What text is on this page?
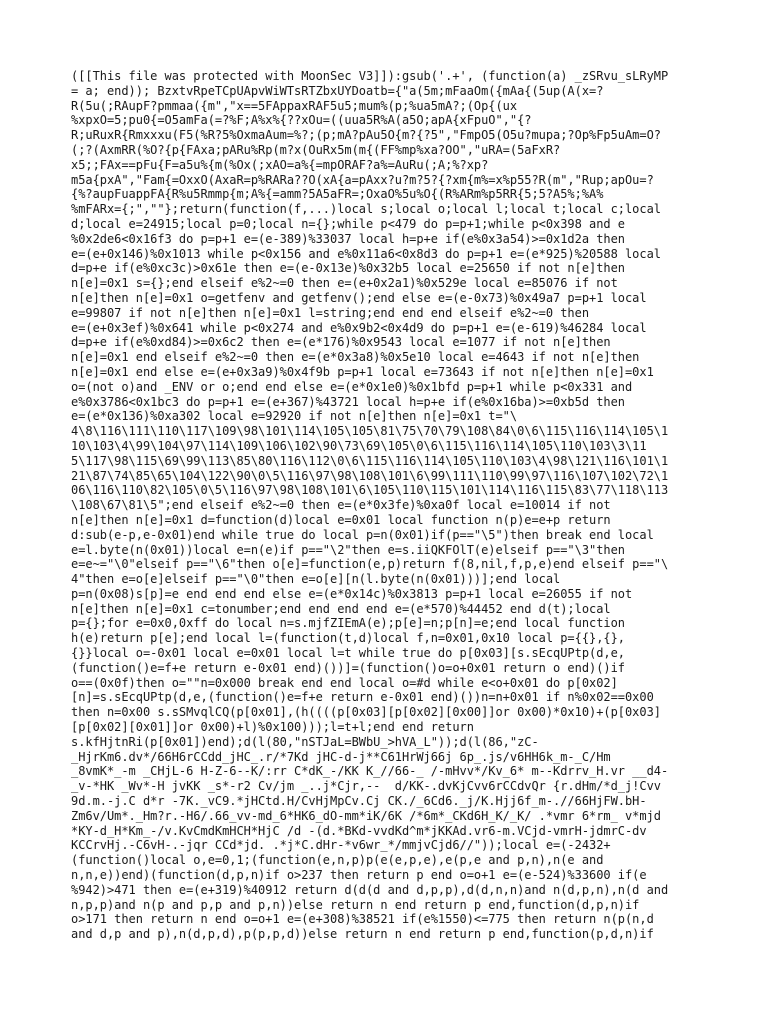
([[This file was protected with MoonSec V3]]):gsub('.+', (function(a) _zSRvu_sLRyMP
= a; end)); BzxtvRpeTCpUApvWiWTsRTZbxUYDoatb={"a(5m;mFaaOm({mAa{(5up(A(x=?
R(5u(;RAupF?pmmaa({m","x==5FAppaxRAF5u5;mum%(p;%ua5mA?;(Op{(ux
%xpxO=5;pu0{=O5amFa(=?%F;A%x%{??xOu=((uua5R%A(a5O;apA{xFpuO","{?
R;uRuxR{Rmxxxu(F5(%R?5%OxmaAum=%?;(p;mA?pAu5O{m?{?5","FmpO5(O5u?mupa;?Op%Fp5uAm=O?
(;?(AxmRR(%O?{p{FAxa;pARu%Rp(m?x(OuRx5m(m{(FF%mp%xa?OO","uRA=(5aFxR?
x5;;FAx==pFu{F=a5u%{m(%Ox(;xAO=a%{=mpORAF?a%=AuRu(;A;%?xp?
m5a{pxA","Fam{=OxxO(AxaR=p%RARa??O(xA{a=pAxx?u?m?5?{?xm{m%=x%p55?R(m","Rup;apOu=?
{%?aupFuappFA{R%u5Rmmp{m;A%{=amm?5A5aFR=;OxaO%5u%O{(R%ARm%p5RR{5;5?A5%;%A%
%mFARx={;",""};return(function(f,...)local s;local o;local l;local t;local c;local
d;local e=24915;local p=0;local n={};while p<479 do p=p+1;while p<0x398 and e
%0x2de6<0x16f3 do p=p+1 e=(e-389)%33037 local h=p+e if(e%0x3a54)>=0x1d2a then
e=(e+0x146)%0x1013 while p<0x156 and e%0x11a6<0x8d3 do p=p+1 e=(e*925)%20588 local
d=p+e if(e%0xc3c)>0x61e then e=(e-0x13e)%0x32b5 local e=25650 if not n[e]then
n[e]=0x1 s={};end elseif e%2~=0 then e=(e+0x2a1)%0x529e local e=85076 if not
n[e]then n[e]=0x1 o=getfenv and getfenv();end else e=(e-0x73)%0x49a7 p=p+1 local
e=99807 if not n[e]then n[e]=0x1 l=string;end end end elseif e%2~=0 then
e=(e+0x3ef)%0x641 while p<0x274 and e%0x9b2<0x4d9 do p=p+1 e=(e-619)%46284 local
d=p+e if(e%0xd84)>=0x6c2 then e=(e*176)%0x9543 local e=1077 if not n[e]then
n[e]=0x1 end elseif e%2~=0 then e=(e*0x3a8)%0x5e10 local e=4643 if not n[e]then
n[e]=0x1 end else e=(e+0x3a9)%0x4f9b p=p+1 local e=73643 if not n[e]then n[e]=0x1
o=(not o)and _ENV or o;end end else e=(e*0x1e0)%0x1bfd p=p+1 while p<0x331 and
e%0x3786<0x1bc3 do p=p+1 e=(e+367)%43721 local h=p+e if(e%0x16ba)>=0xb5d then
e=(e*0x136)%0xa302 local e=92920 if not n[e]then n[e]=0x1 t="\
4\8\116\111\110\117\109\98\101\114\105\105\81\75\70\79\108\84\0\6\115\116\114\105\1
10\103\4\99\104\97\114\109\106\102\90\73\69\105\0\6\115\116\114\105\110\103\3\11
5\117\98\115\69\99\113\85\80\116\112\0\6\115\116\114\105\110\103\4\98\121\116\101\1
21\87\74\85\65\104\122\90\0\5\116\97\98\108\101\6\99\111\110\99\97\116\107\102\72\1
06\116\110\82\105\0\5\116\97\98\108\101\6\105\110\115\101\114\116\115\83\77\118\113
\108\67\81\5";end elseif e%2~=0 then e=(e*0x3fe)%0xa0f local e=10014 if not
n[e]then n[e]=0x1 d=function(d)local e=0x01 local function n(p)e=e+p return
d:sub(e-p,e-0x01)end while true do local p=n(0x01)if(p=="\5")then break end local
e=l.byte(n(0x01))local e=n(e)if p=="\2"then e=s.iiQKFOlT(e)elseif p=="\3"then
e=e~="\0"elseif p=="\6"then o[e]=function(e,p)return f(8,nil,f,p,e)end elseif p=="\
4"then e=o[e]elseif p=="\0"then e=o[e][n(l.byte(n(0x01)))];end local
p=n(0x08)s[p]=e end end end else e=(e*0x14c)%0x3813 p=p+1 local e=26055 if not
n[e]then n[e]=0x1 c=tonumber;end end end end e=(e*570)%44452 end d(t);local
p={};for e=0x0,0xff do local n=s.mjfZIEmA(e);p[e]=n;p[n]=e;end local function
h(e)return p[e];end local l=(function(t,d)local f,n=0x01,0x10 local p={{},{},
{}}local o=-0x01 local e=0x01 local l=t while true do p[0x03][s.sEcqUPtp(d,e,
(function()e=f+e return e-0x01 end)())]=(function()o=o+0x01 return o end)()if
o==(0x0f)then o=""n=0x000 break end end local o=#d while e<o+0x01 do p[0x02]
[n]=s.sEcqUPtp(d,e,(function()e=f+e return e-0x01 end)())n=n+0x01 if n%0x02==0x00
then n=0x00 s.sSMvqlCQ(p[0x01],(h((((p[0x03][p[0x02][0x00]]or 0x00)*0x10)+(p[0x03]
[p[0x02][0x01]]or 0x00)+l)%0x100)));l=t+l;end end return
s.kfHjtnRi(p[0x01])end);d(l(80,"nSTJaL=BWbU_>hVA_L"));d(l(86,"zC-
_HjrKm6.dv*/66H6rCCdd_jHC_.r/*7Kd jHC-d-j**C61HrWj66j 6p_.js/v6HH6k_m-_C/Hm
_8vmK*_-m _CHjL-6 H-Z-6--K/:rr C*dK_-/KK K_//66-_ /-mHvv*/Kv_6* m--Kdrrv_H.vr __d4-
_v-*HK _Wv*-H jvKK _s*-r2 Cv/jm _..j*Cjr,--  d/KK-.dvKjCvv6rCCdvQr {r.dHm/*d_j!Cvv
9d.m.-j.C d*r -7K._vC9.*jHCtd.H/CvHjMpCv.Cj CK./_6Cd6._j/K.Hjj6f_m-.//66HjFW.bH-
Zm6v/Um*._Hm?r.-H6/.66_vv-md_6*HK6_dO-mm*iK/6K /*6m*_CKd6H_K/_K/ .*vmr 6*rm_ v*mjd
*KY-d_H*Km_-/v.KvCmdKmHCH*HjC /d -(d.*BKd-vvdKd^m*jKKAd.vr6-m.VCjd-vmrH-jdmrC-dv
KCCrvHj.-C6vH-.-jqr CCd*jd. .*j*C.dHr-*v6wr_*/mmjvCjd6//"));local e=(-2432+
(function()local o,e=0,1;(function(e,n,p)p(e(e,p,e),e(p,e and p,n),n(e and
n,n,e))end)(function(d,p,n)if o>237 then return p end o=o+1 e=(e-524)%33600 if(e
%942)>471 then e=(e+319)%40912 return d(d(d and d,p,p),d(d,n,n)and n(d,p,n),n(d and
n,p,p)and n(p and p,p and p,n))else return n end return p end,function(d,p,n)if
o>171 then return n end o=o+1 e=(e+308)%38521 if(e%1550)<=775 then return n(p(n,d
and d,p and p),n(d,p,d),p(p,p,d))else return n end return p end,function(p,d,n)if
